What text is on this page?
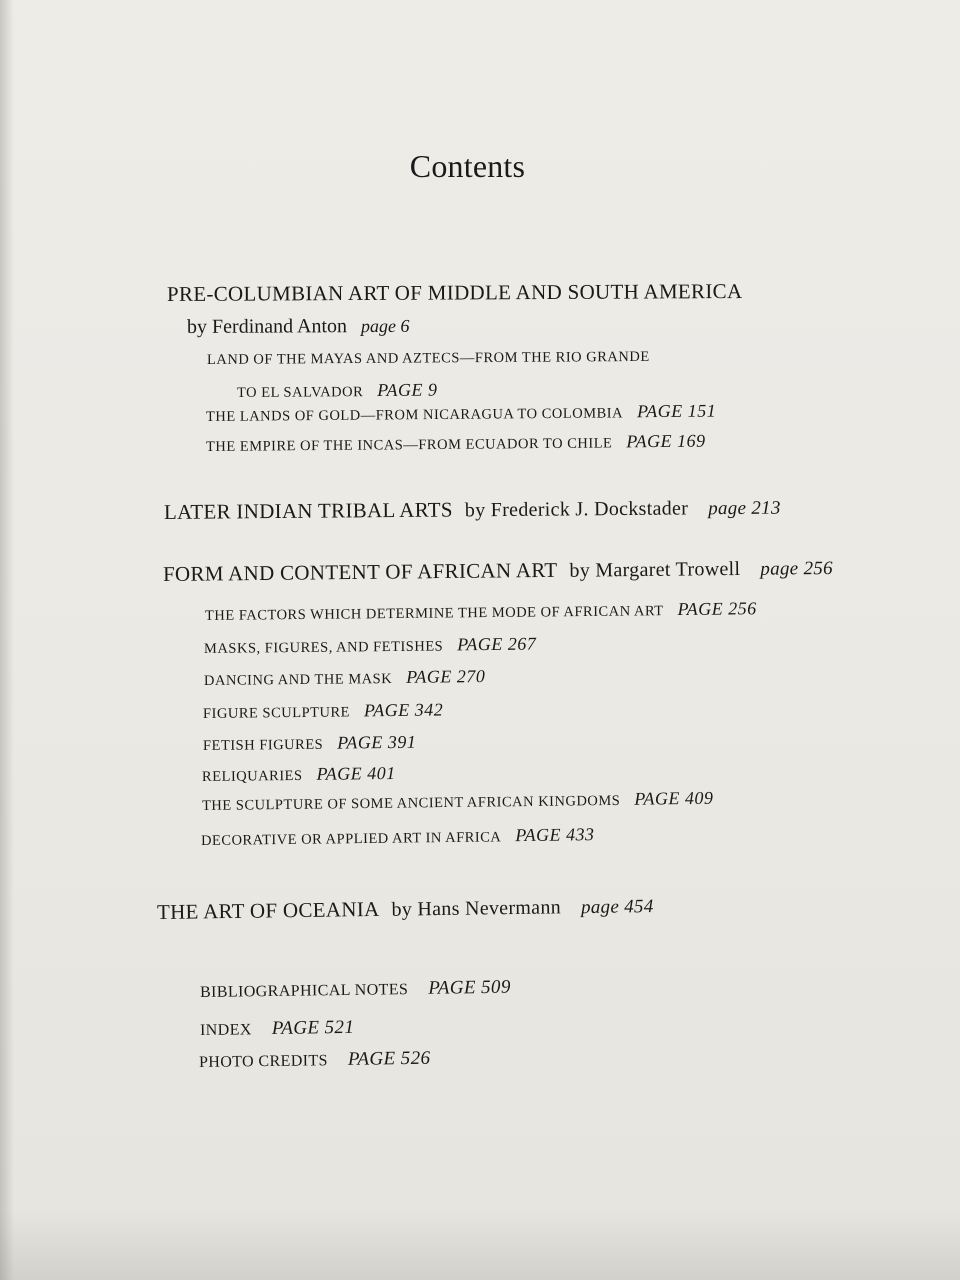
Contents
PRE-COLUMBIAN ART OF MIDDLE AND SOUTH AMERICA
by Ferdinand Anton page 6
LAND OF THE MAYAS AND AZTECS—FROM THE RIO GRANDE
TO EL SALVADOR PAGE 9
THE LANDS OF GOLD—FROM NICARAGUA TO COLOMBIA PAGE 151
THE EMPIRE OF THE INCAS—FROM ECUADOR TO CHILE PAGE 169
LATER INDIAN TRIBAL ARTS by Frederick J. Dockstader page 213
FORM AND CONTENT OF AFRICAN ART by Margaret Trowell page 256
THE FACTORS WHICH DETERMINE THE MODE OF AFRICAN ART PAGE 256
MASKS, FIGURES, AND FETISHES PAGE 267
DANCING AND THE MASK PAGE 270
FIGURE SCULPTURE PAGE 342
FETISH FIGURES PAGE 391
RELIQUARIES PAGE 401
THE SCULPTURE OF SOME ANCIENT AFRICAN KINGDOMS PAGE 409
DECORATIVE OR APPLIED ART IN AFRICA PAGE 433
THE ART OF OCEANIA by Hans Nevermann page 454
BIBLIOGRAPHICAL NOTES PAGE 509
INDEX PAGE 521
PHOTO CREDITS PAGE 526
